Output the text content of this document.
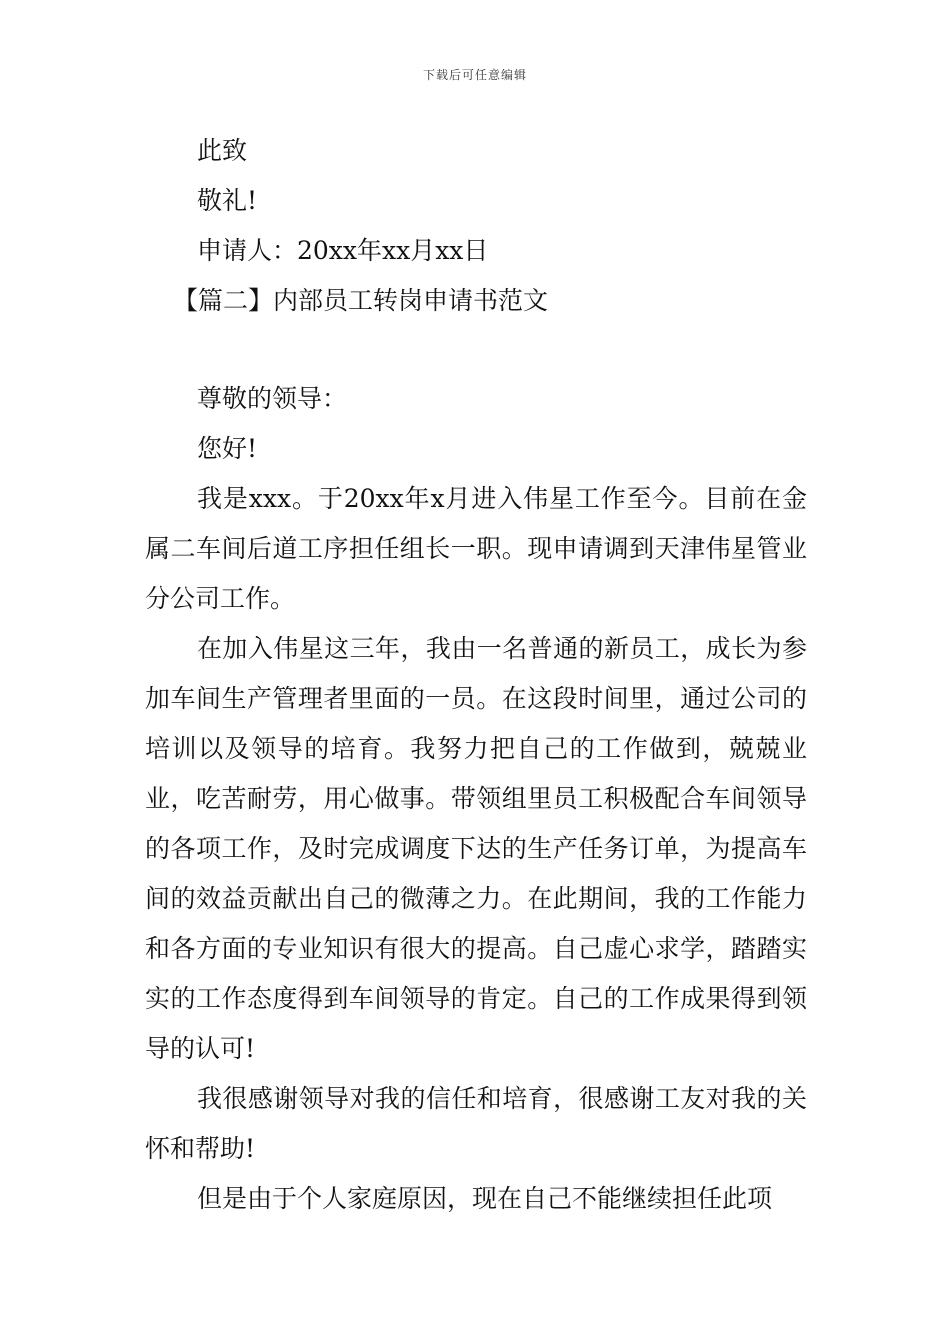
下载后可任意编辑
此致
敬礼!
申请人：20xx年xx月xx日
【篇二】内部员工转岗申请书范文
尊敬的领导：
您好!

我是xxx。于20xx年x月进入伟星工作至今。目前在金属二车间后道工序担任组长一职。现申请调到天津伟星管业分公司工作。

在加入伟星这三年，我由一名普通的新员工，成长为参加车间生产管理者里面的一员。在这段时间里，通过公司的培训以及领导的培育。我努力把自己的工作做到，兢兢业业，吃苦耐劳，用心做事。带领组里员工积极配合车间领导的各项工作，及时完成调度下达的生产任务订单，为提高车间的效益贡献出自己的微薄之力。在此期间，我的工作能力和各方面的专业知识有很大的提高。自己虚心求学，踏踏实实的工作态度得到车间领导的肯定。自己的工作成果得到领导的认可!

我很感谢领导对我的信任和培育，很感谢工友对我的关怀和帮助!

但是由于个人家庭原因，现在自己不能继续担任此项
